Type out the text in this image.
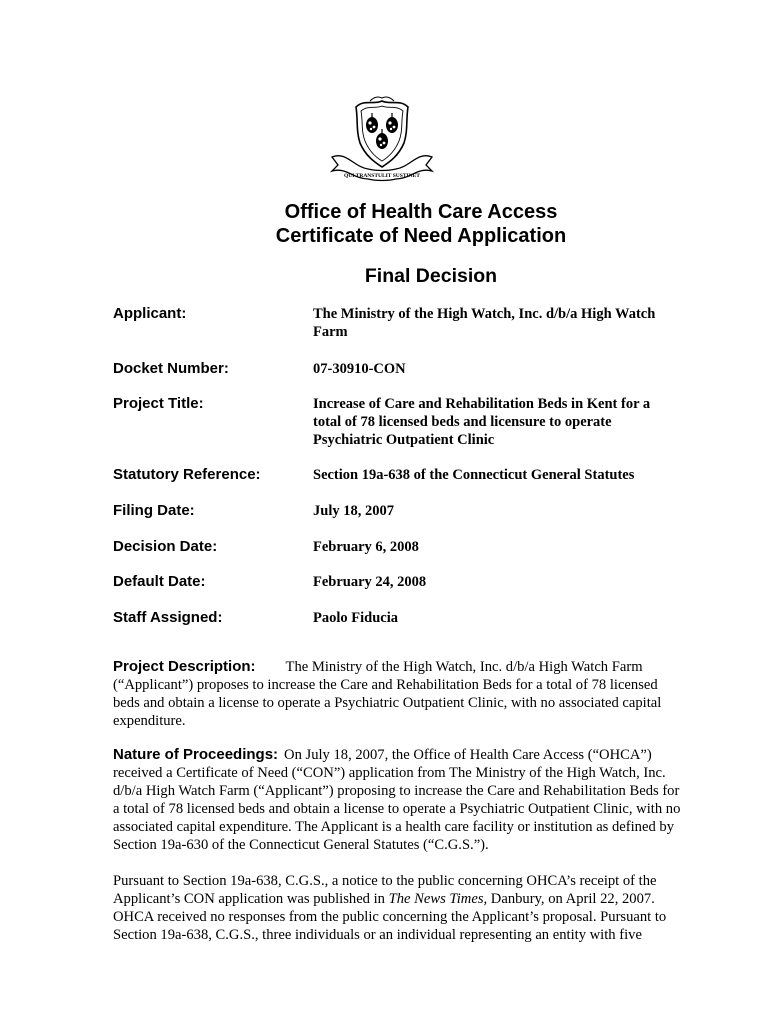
QUI TRANSTULIT SUSTINET
Office of Health Care Access
Certificate of Need Application
Final Decision
Applicant:	The Ministry of the High Watch, Inc. d/b/a High Watch Farm
Docket Number:	07-30910-CON
Project Title:	Increase of Care and Rehabilitation Beds in Kent for a total of 78 licensed beds and licensure to operate Psychiatric Outpatient Clinic
Statutory Reference:	Section 19a-638 of the Connecticut General Statutes
Filing Date:	July 18, 2007
Decision Date:	February 6, 2008
Default Date:	February 24, 2008
Staff Assigned:	Paolo Fiducia
Project Description: The Ministry of the High Watch, Inc. d/b/a High Watch Farm (“Applicant”) proposes to increase the Care and Rehabilitation Beds for a total of 78 licensed beds and obtain a license to operate a Psychiatric Outpatient Clinic, with no associated capital expenditure.
Nature of Proceedings: On July 18, 2007, the Office of Health Care Access (“OHCA”) received a Certificate of Need (“CON”) application from The Ministry of the High Watch, Inc. d/b/a High Watch Farm (“Applicant”) proposing to increase the Care and Rehabilitation Beds for a total of 78 licensed beds and obtain a license to operate a Psychiatric Outpatient Clinic, with no associated capital expenditure. The Applicant is a health care facility or institution as defined by Section 19a-630 of the Connecticut General Statutes (“C.G.S.”).
Pursuant to Section 19a-638, C.G.S., a notice to the public concerning OHCA’s receipt of the Applicant’s CON application was published in The News Times, Danbury, on April 22, 2007. OHCA received no responses from the public concerning the Applicant’s proposal. Pursuant to Section 19a-638, C.G.S., three individuals or an individual representing an entity with five
